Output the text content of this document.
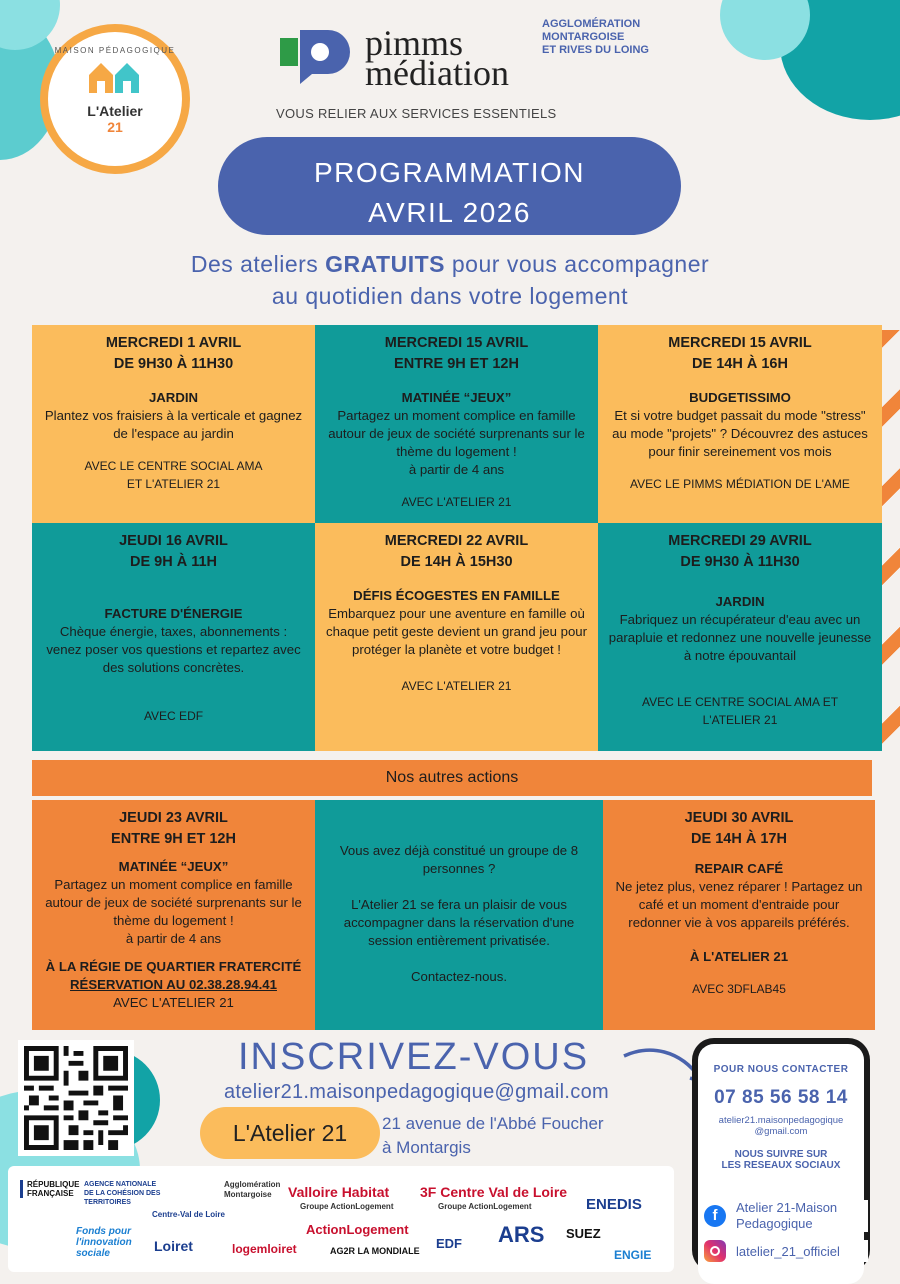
MAISON PÉDAGOGIQUE
L'Atelier
21
pimms
médiation
AGGLOMÉRATION
MONTARGOISE
ET RIVES DU LOING
VOUS RELIER AUX SERVICES ESSENTIELS
PROGRAMMATION
AVRIL 2026
Des ateliers GRATUITS pour vous accompagner
au quotidien dans votre logement
MERCREDI 1 AVRIL
DE 9H30 À 11H30
JARDIN
Plantez vos fraisiers à la verticale et gagnez de l'espace au jardin
AVEC LE CENTRE SOCIAL AMA
ET L'ATELIER 21
MERCREDI 15 AVRIL
ENTRE 9H ET 12H
MATINÉE “JEUX”
Partagez un moment complice en famille autour de jeux de société surprenants sur le thème du logement !
à partir de 4 ans
AVEC L'ATELIER 21
MERCREDI 15 AVRIL
DE 14H À 16H
BUDGETISSIMO
Et si votre budget passait du mode "stress" au mode "projets" ? Découvrez des astuces pour finir sereinement vos mois
AVEC LE PIMMS MÉDIATION DE L'AME
JEUDI 16 AVRIL
DE 9H À 11H
FACTURE D'ÉNERGIE
Chèque énergie, taxes, abonnements : venez poser vos questions et repartez avec des solutions concrètes.
AVEC EDF
MERCREDI 22 AVRIL
DE 14H À 15H30
DÉFIS ÉCOGESTES EN FAMILLE
Embarquez pour une aventure en famille où chaque petit geste devient un grand jeu pour protéger la planète et votre budget !
AVEC L'ATELIER 21
MERCREDI 29 AVRIL
DE 9H30 À 11H30
JARDIN
Fabriquez un récupérateur d'eau avec un parapluie et redonnez une nouvelle jeunesse à notre épouvantail
AVEC LE CENTRE SOCIAL AMA ET
L'ATELIER 21
Nos autres actions
JEUDI 23 AVRIL
ENTRE 9H ET 12H
MATINÉE “JEUX”
Partagez un moment complice en famille autour de jeux de société surprenants sur le thème du logement !
à partir de 4 ans
À LA RÉGIE DE QUARTIER FRATERCITÉ
RÉSERVATION AU 02.38.28.94.41
AVEC L'ATELIER 21
Vous avez déjà constitué un groupe de 8 personnes ?
L'Atelier 21 se fera un plaisir de vous accompagner dans la réservation d'une session entièrement privatisée.
Contactez-nous.
JEUDI 30 AVRIL
DE 14H À 17H
REPAIR CAFÉ
Ne jetez plus, venez réparer ! Partagez un café et un moment d'entraide pour redonner vie à vos appareils préférés.
À L'ATELIER 21
AVEC 3DFLAB45
INSCRIVEZ-VOUS
atelier21.maisonpedagogique@gmail.com
L'Atelier 21	21 avenue de l'Abbé Foucher
à Montargis
POUR NOUS CONTACTER
07 85 56 58 14
atelier21.maisonpedagogique
@gmail.com
NOUS SUIVRE SUR
LES RESEAUX SOCIAUX
f	Atelier 21-Maison
Pedagogique
latelier_21_officiel
RÉPUBLIQUE FRANÇAISE
AGENCE NATIONALE DE LA COHÉSION DES TERRITOIRES
Centre-Val de Loire
Agglomération Montargoise	Valloire Habitat
Groupe ActionLogement
3F Centre Val de Loire
Groupe ActionLogement	ENEDIS
Fonds pour l'innovation sociale	Loiret	logemloiret
ActionLogement
AG2R LA MONDIALE EDF ARS SUEZ
ENGIE
